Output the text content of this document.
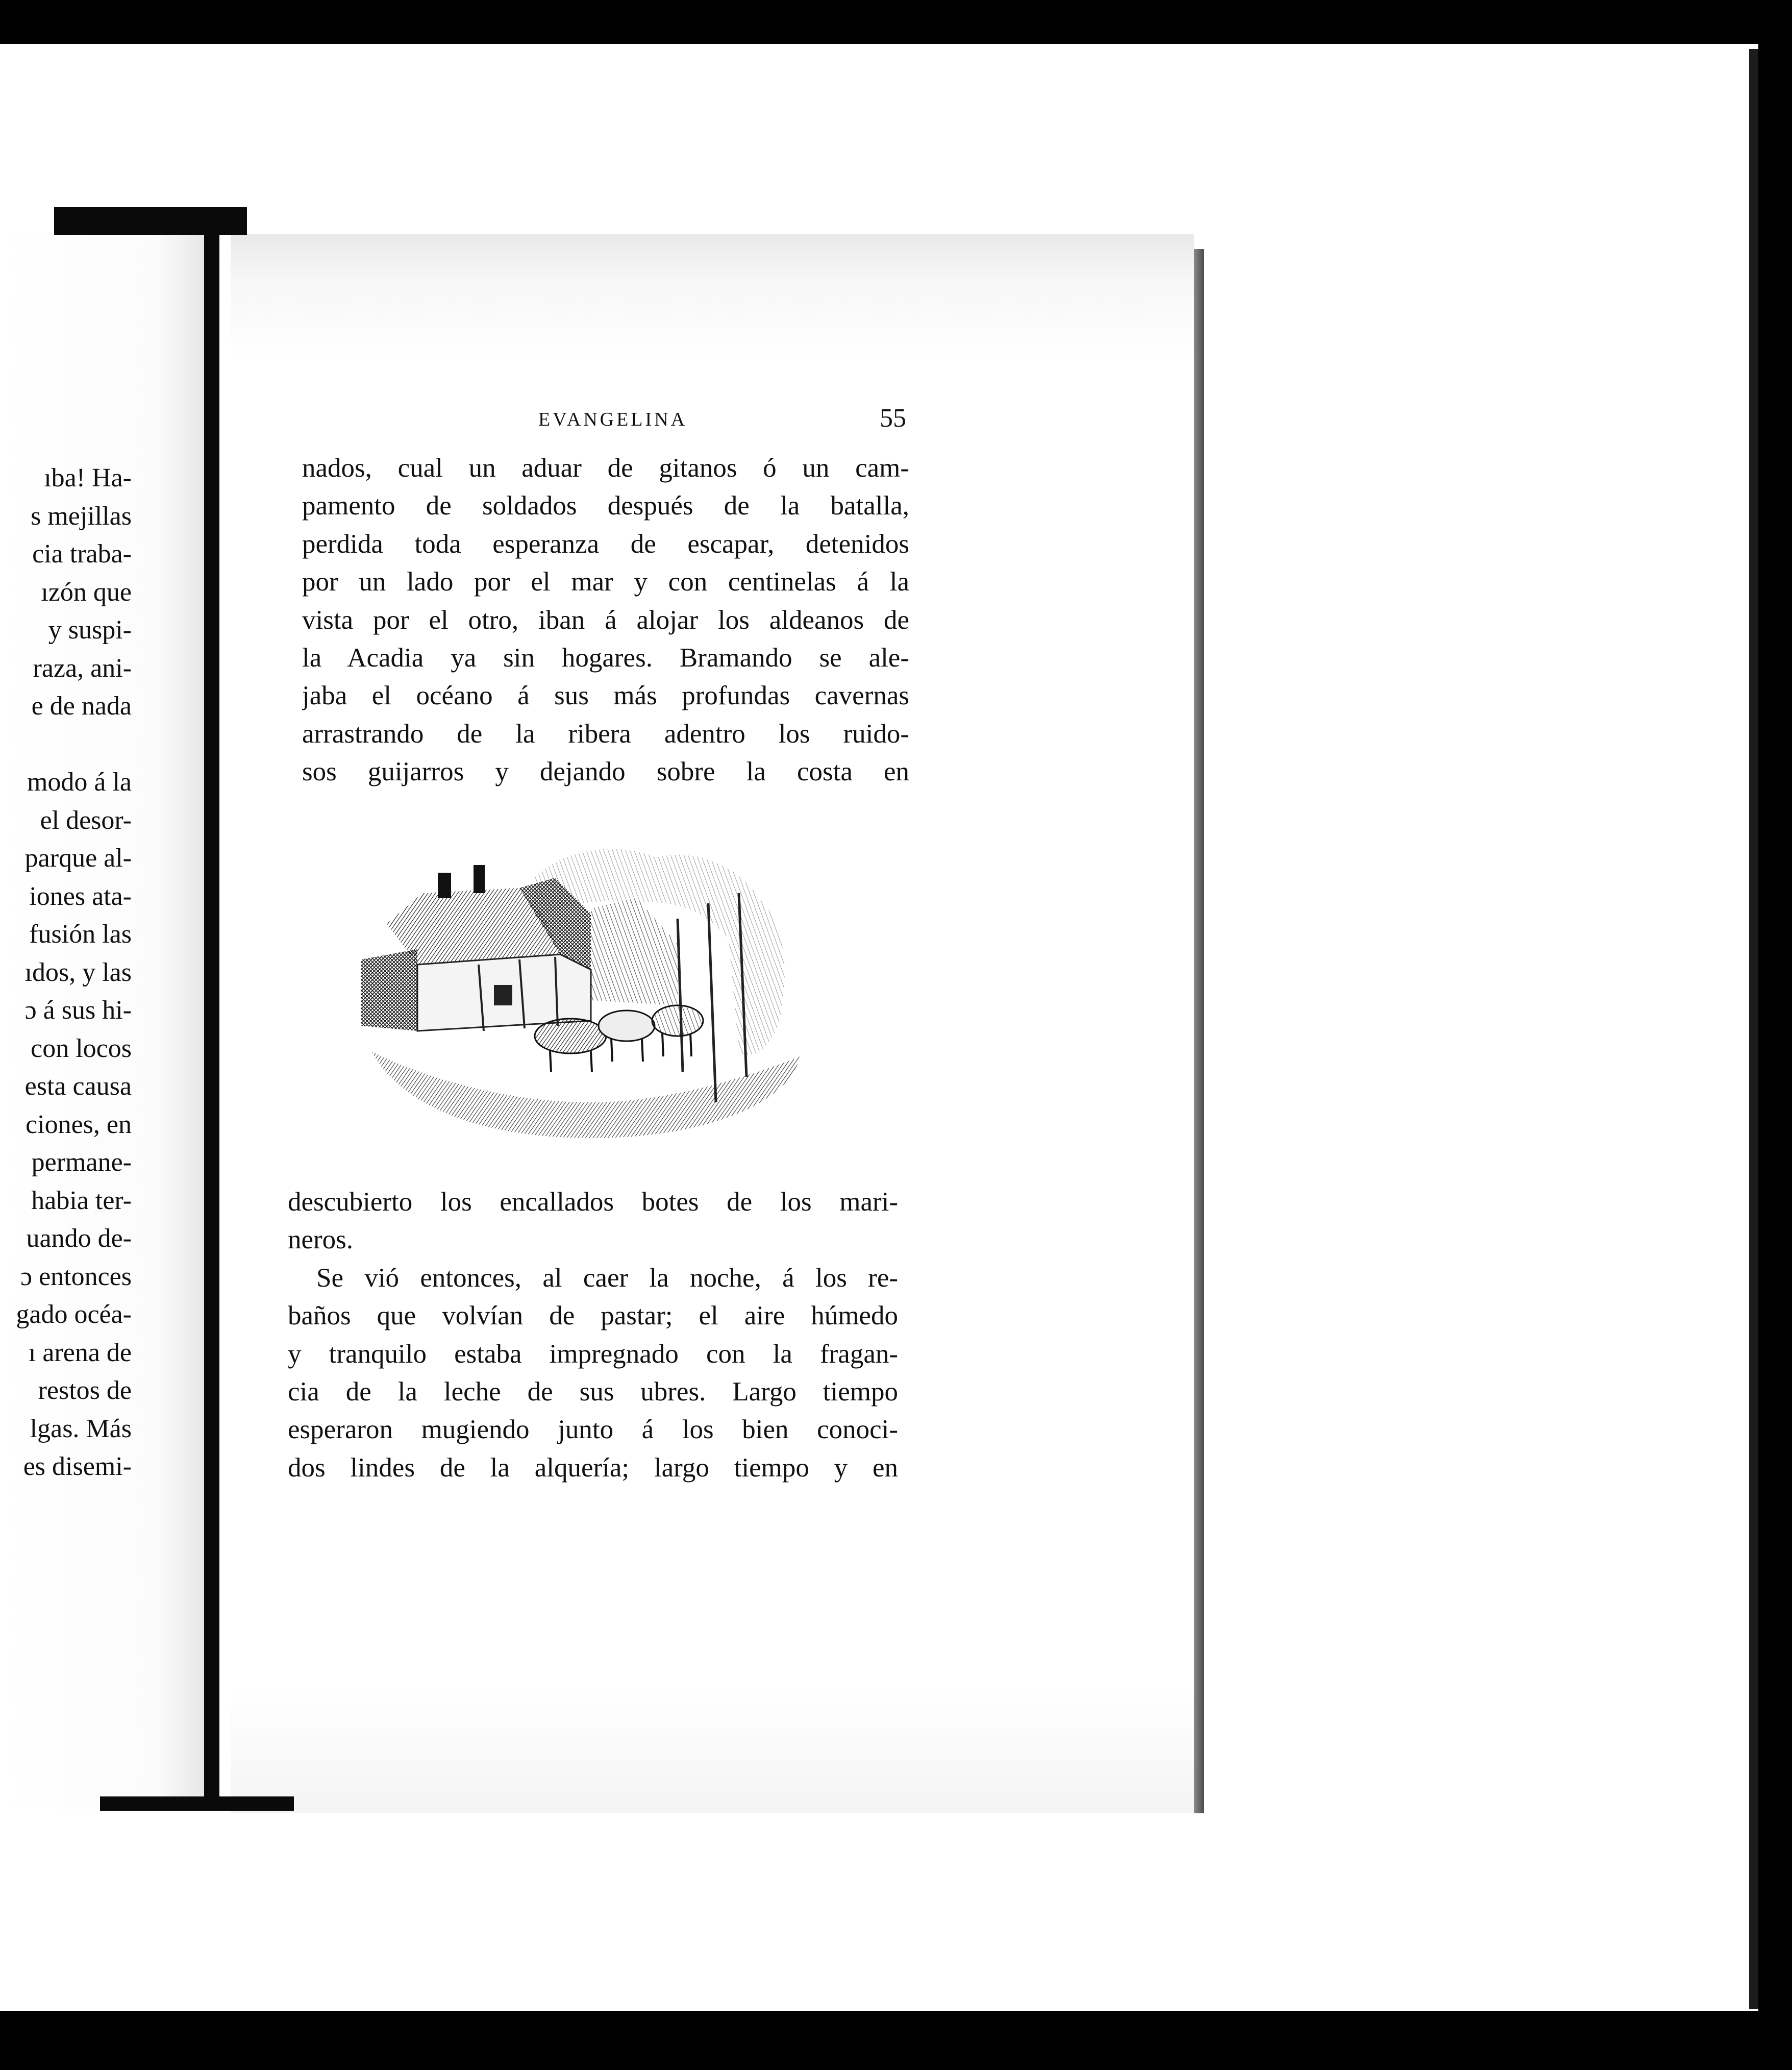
ıba! Ha-
s mejillas
cia traba-
ızón que
y suspi-
raza, ani-
e de nada

modo á la
el desor-
parque al-
iones ata-
fusión las
ıdos, y las
ɔ á sus hi-
con locos
esta causa
ciones, en
permane-
habia ter-
uando de-
ɔ entonces
gado océa-
ı arena de
restos de
lgas. Más
es disemi-
EVANGELINA	55
nados, cual un aduar de gitanos ó un cam-
pamento de soldados después de la batalla,
perdida toda esperanza de escapar, detenidos
por un lado por el mar y con centinelas á la
vista por el otro, iban á alojar los aldeanos de
la Acadia ya sin hogares. Bramando se ale-
jaba el océano á sus más profundas cavernas
arrastrando de la ribera adentro los ruido-
sos guijarros y dejando sobre la costa en
descubierto los encallados botes de los mari-
neros.
Se vió entonces, al caer la noche, á los re-
baños que volvían de pastar; el aire húmedo
y tranquilo estaba impregnado con la fragan-
cia de la leche de sus ubres. Largo tiempo
esperaron mugiendo junto á los bien conoci-
dos lindes de la alquería; largo tiempo y en
